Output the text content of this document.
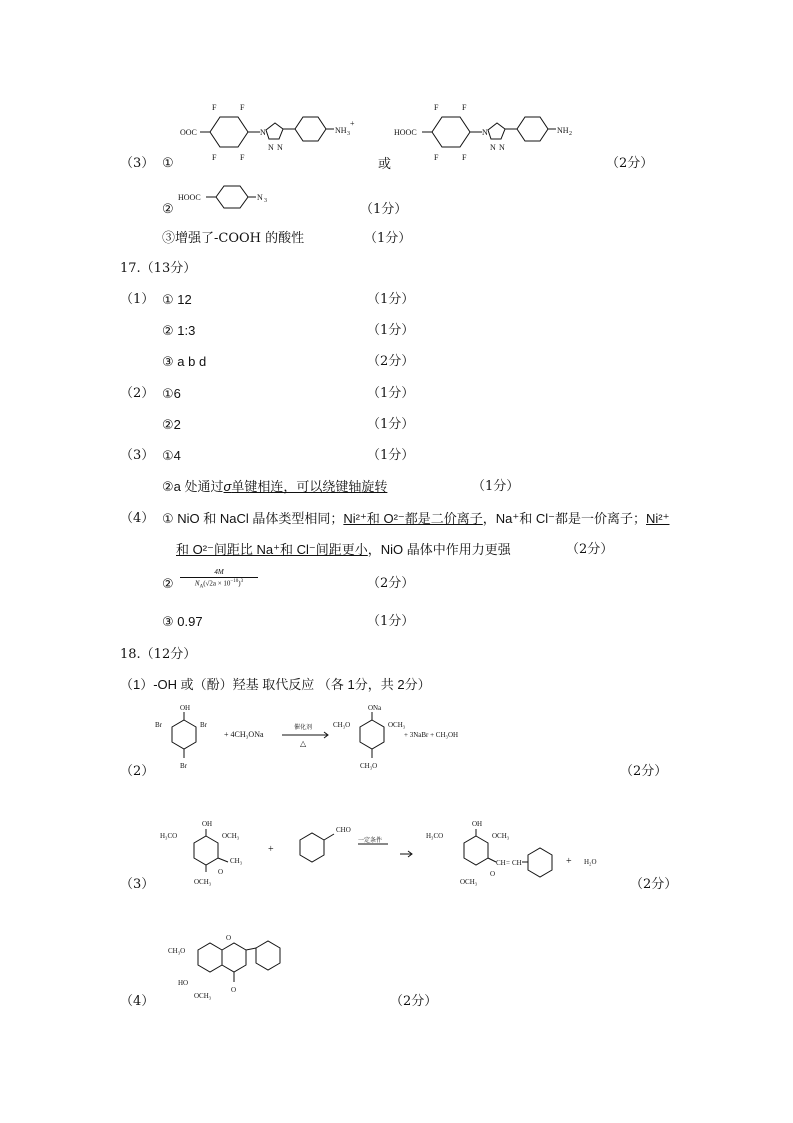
（3） ①
OOC
F	F
F	F
N
N N
NH 3
+
或
HOOC
F	F
F	F
N
N N
NH 2
（2分）
②
HOOC	N 3
（1分）
③增强了-COOH 的酸性	（1分）
17.（13分）
（1） ① 12	（1分）
② 1:3	（1分）
③ a b d	（2分）
（2） ①6	（1分）
②2	（1分）
（3） ①4	（1分）
②a 处通过σ单键相连，可以绕键轴旋转	（1分）
（4） ① NiO 和 NaCl 晶体类型相同；Ni²⁺和 O²⁻都是二价离子，Na⁺和 Cl⁻都是一价离子；Ni²⁺
和 O²⁻间距比 Na⁺和 Cl⁻间距更小，NiO 晶体中作用力更强	（2分）
②
4M
$N_A(√2a \times 10^{-10})^3$	（2分）
③ 0.97	（1分）
18.（12分）
（1）-OH 或（酚）羟基 取代反应 （各 1分，共 2分）
OH
Br	Br
Br
+ 4CH₃ONa
催化剂
△
ONa
CH₃O	OCH₃
CH₃O
+ 3NaBr + CH₃OH
（2）	（2分）
OH
H₃CO	OCH₃
CH₃
O
OCH₃
+
CHO
一定条件
OH
H₃CO	OCH₃
CH = CH
O
OCH₃
+ H₂O
（3）	（2分）
O
CH₃O
HO
OCH₃
O
（4）	（2分）
